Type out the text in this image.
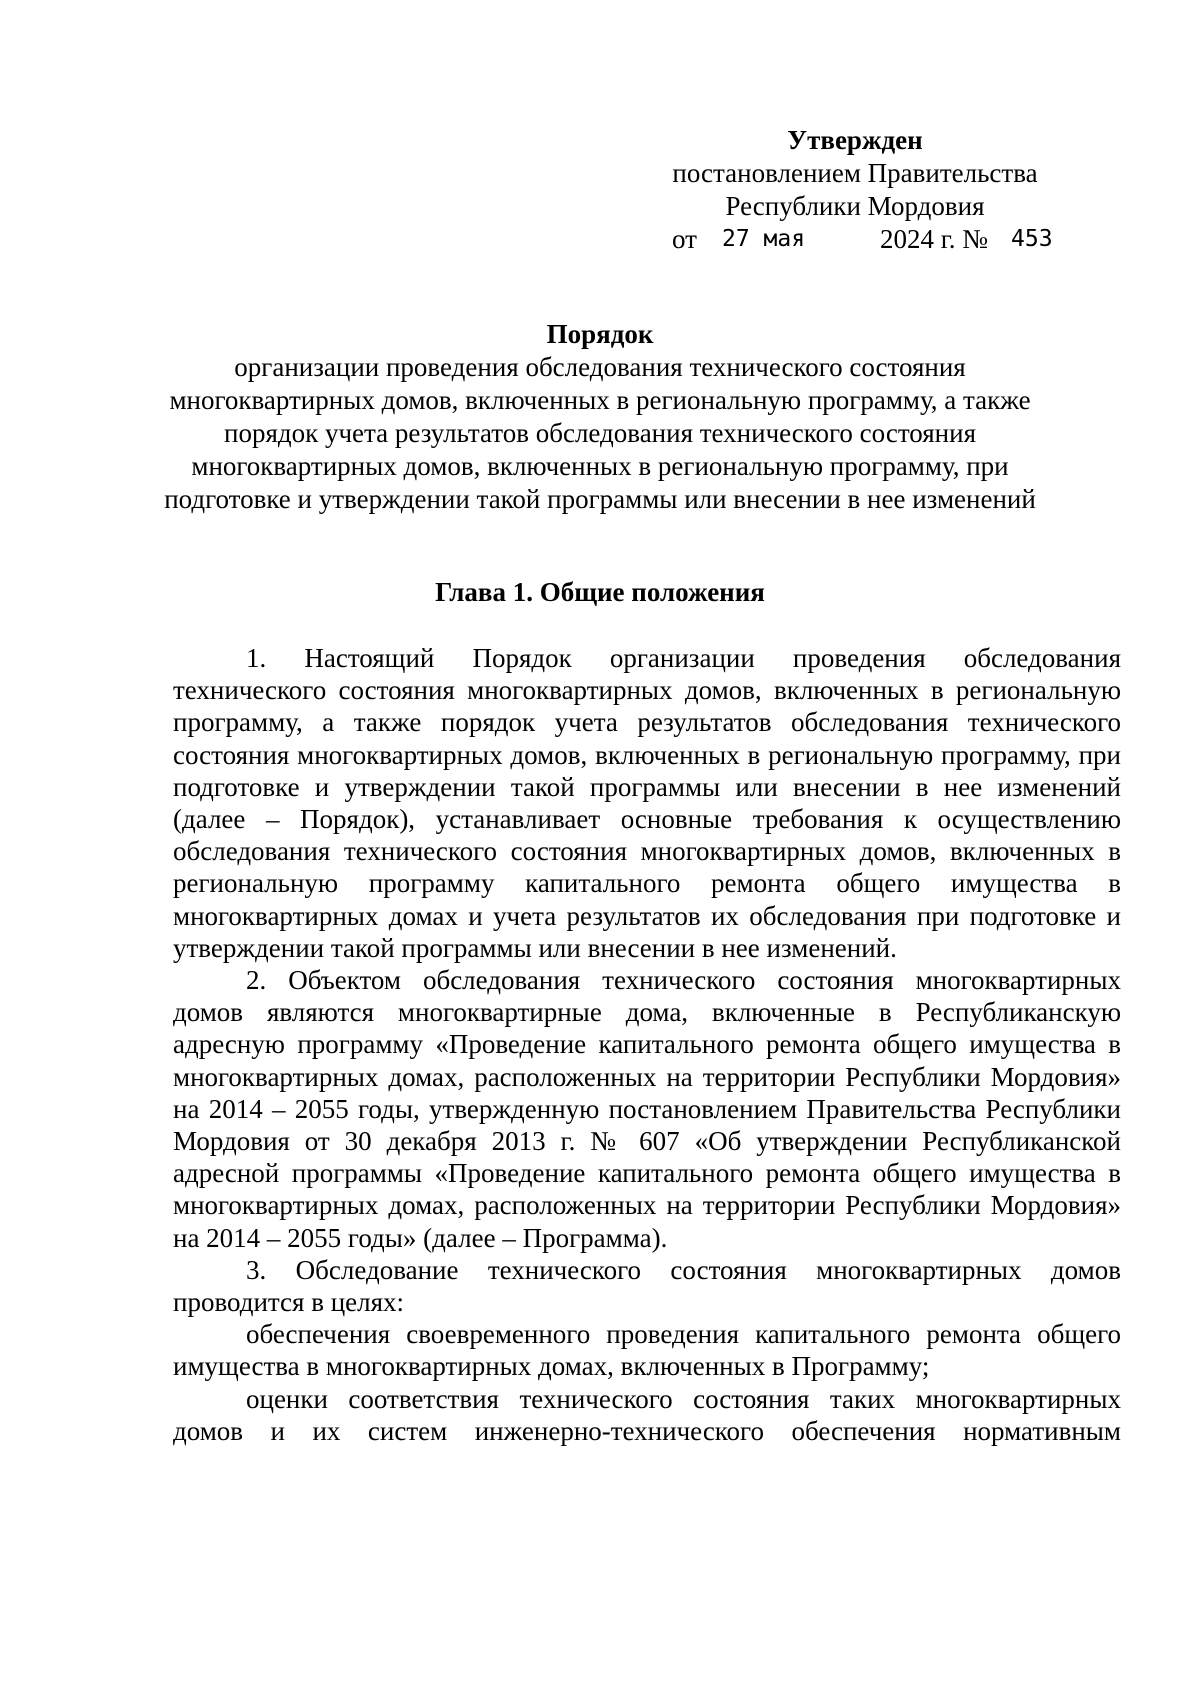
Утвержден
постановлением Правительства
Республики Мордовия
от 27 мая	2024 г. № 453
Порядок
организации проведения обследования технического состояния
многоквартирных домов, включенных в региональную программу, а также
порядок учета результатов обследования технического состояния
многоквартирных домов, включенных в региональную программу, при
подготовке и утверждении такой программы или внесении в нее изменений
Глава 1. Общие положения

1. Настоящий Порядок организации проведения обследования технического состояния многоквартирных домов, включенных в региональную программу, а также порядок учета результатов обследования технического состояния многоквартирных домов, включенных в региональную программу, при подготовке и утверждении такой программы или внесении в нее изменений (далее – Порядок), устанавливает основные требования к осуществлению обследования технического состояния многоквартирных домов, включенных в региональную программу капитального ремонта общего имущества в многоквартирных домах и учета результатов их обследования при подготовке и утверждении такой программы или внесении в нее изменений.

2. Объектом обследования технического состояния многоквартирных домов являются многоквартирные дома, включенные в Республиканскую адресную программу «Проведение капитального ремонта общего имущества в многоквартирных домах, расположенных на территории Республики Мордовия» на 2014 – 2055 годы, утвержденную постановлением Правительства Республики Мордовия от 30 декабря 2013 г. № 607 «Об утверждении Республиканской адресной программы «Проведение капитального ремонта общего имущества в многоквартирных домах, расположенных на территории Республики Мордовия» на 2014 – 2055 годы» (далее – Программа).

3. Обследование технического состояния многоквартирных домов проводится в целях:

обеспечения своевременного проведения капитального ремонта общего имущества в многоквартирных домах, включенных в Программу;

оценки соответствия технического состояния таких многоквартирных домов и их систем инженерно-технического обеспечения нормативным
